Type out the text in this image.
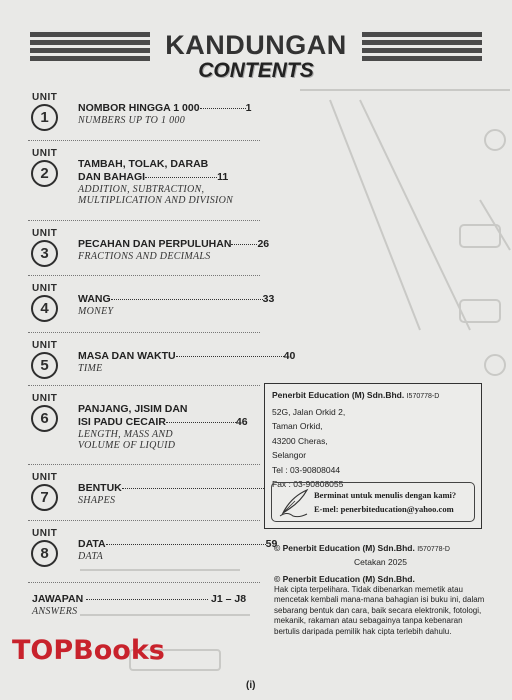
KANDUNGAN
CONTENTS
UNIT
1
NOMBOR HINGGA 1 000	1
NUMBERS UP TO 1 000
UNIT
2
TAMBAH, TOLAK, DARAB
DAN BAHAGI	11
ADDITION, SUBTRACTION,
MULTIPLICATION AND DIVISION
UNIT
3
PECAHAN DAN PERPULUHAN 26
FRACTIONS AND DECIMALS
UNIT
4
WANG	33
MONEY
UNIT
5
MASA DAN WAKTU	40
TIME
UNIT
6
PANJANG, JISIM DAN
ISI PADU CECAIR	46
LENGTH, MASS AND
VOLUME OF LIQUID
UNIT
7
BENTUK
SHAPES
UNIT
8
DATA	59
DATA
JAWAPAN	J1 – J8
ANSWERS
Penerbit Education (M) Sdn.Bhd. I570778-D
52G, Jalan Orkid 2,
Taman Orkid,
43200 Cheras,
Selangor
Tel : 03-90808044
Fax : 03-90808055
Berminat untuk menulis dengan kami?
E-mel: penerbiteducation@yahoo.com
© Penerbit Education (M) Sdn.Bhd. I570778-D
Cetakan 2025
© Penerbit Education (M) Sdn.Bhd.
Hak cipta terpelihara. Tidak dibenarkan memetik atau mencetak kembali mana-mana bahagian isi buku ini, dalam sebarang bentuk dan cara, baik secara elektronik, fotologi, mekanik, rakaman atau sebagainya tanpa kebenaran bertulis daripada pemilik hak cipta terlebih dahulu.
(i)
TOPBooks
